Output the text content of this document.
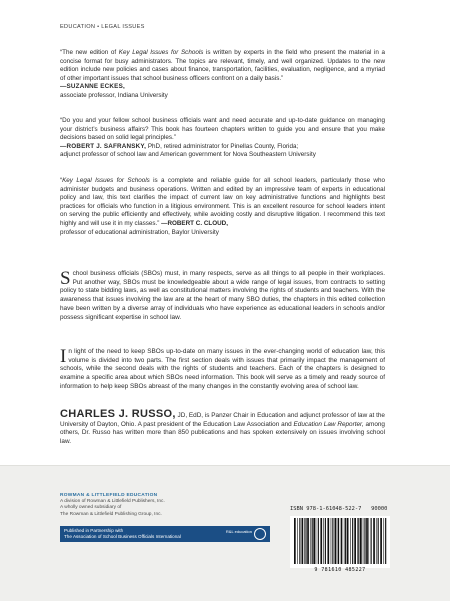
EDUCATION • LEGAL ISSUES

“The new edition of Key Legal Issues for Schools is written by experts in the field who present the material in a concise format for busy administrators. The topics are relevant, timely, and well organized. Updates to the new edition include new policies and cases about finance, transportation, facilities, evaluation, negligence, and a myriad of other important issues that school business officers confront on a daily basis.”

—SUZANNE ECKES,

associate professor, Indiana University

“Do you and your fellow school business officials want and need accurate and up-to-date guidance on managing your district’s business affairs? This book has fourteen chapters written to guide you and ensure that you make decisions based on solid legal principles.”

—ROBERT J. SAFRANSKY, PhD, retired administrator for Pinellas County, Florida;

adjunct professor of school law and American government for Nova Southeastern University

“Key Legal Issues for Schools is a complete and reliable guide for all school leaders, particularly those who administer budgets and business operations. Written and edited by an impressive team of experts in educational policy and law, this text clarifies the impact of current law on key administrative functions and highlights best practices for officials who function in a litigious environment. This is an excellent resource for school leaders intent on serving the public efficiently and effectively, while avoiding costly and disruptive litigation. I recommend this text highly and will use it in my classes.” —ROBERT C. CLOUD,

professor of educational administration, Baylor University

School business officials (SBOs) must, in many respects, serve as all things to all people in their workplaces. Put another way, SBOs must be knowledgeable about a wide range of legal issues, from contracts to setting policy to state bidding laws, as well as constitutional matters involving the rights of students and teachers. With the awareness that issues involving the law are at the heart of many SBO duties, the chapters in this edited collection have been written by a diverse array of individuals who have experience as educational leaders in schools and/or possess significant expertise in school law.

In light of the need to keep SBOs up-to-date on many issues in the ever-changing world of education law, this volume is divided into two parts. The first section deals with issues that primarily impact the management of schools, while the second deals with the rights of students and teachers. Each of the chapters is designed to examine a specific area about which SBOs need information. This book will serve as a timely and ready source of information to help keep SBOs abreast of the many changes in the constantly evolving area of school law.

CHARLES J. RUSSO, JD, EdD, is Panzer Chair in Education and adjunct professor of law at the University of Dayton, Ohio. A past president of the Education Law Association and Education Law Reporter, among others, Dr. Russo has written more than 850 publications and has spoken extensively on issues involving school law.

ROWMAN & LITTLEFIELD EDUCATION
A division of Rowman & Littlefield Publishers, Inc.
A wholly owned subsidiary of
The Rowman & Littlefield Publishing Group, Inc.
Published in Partnership with
The Association of School Business Officials International
R&L education
ISBN 978-1-61048-522-7 90000
9 781610 485227
